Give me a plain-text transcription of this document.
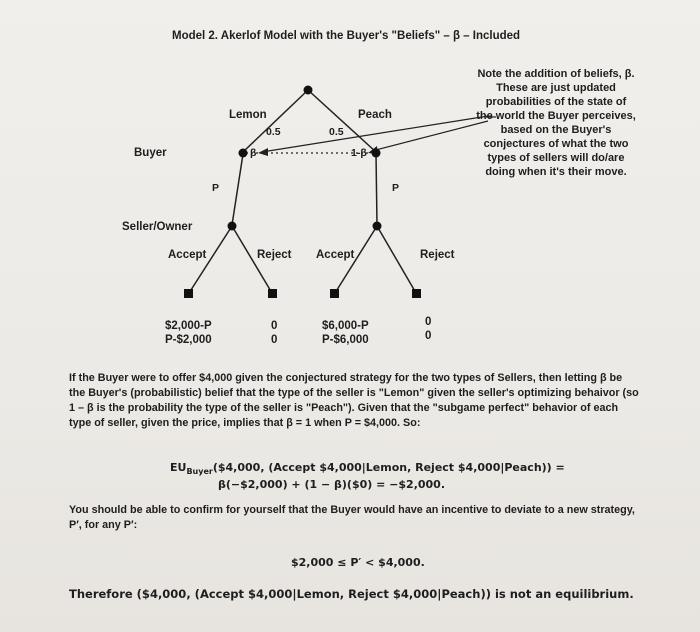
Model 2. Akerlof Model with the Buyer's "Beliefs" – β – Included
Note the addition of beliefs, β. These are just updated probabilities of the state of the world the Buyer perceives, based on the Buyer's conjectures of what the two types of sellers will do/are doing when it's their move.
Lemon	Peach
0.5	0.5
Buyer	β	1-β
P	P
Seller/Owner
Accept	Reject Accept	Reject
$2,000-P
P-$2,000
0
0
$6,000-P
P-$6,000
0
0
If the Buyer were to offer $4,000 given the conjectured strategy for the two types of Sellers, then letting β be the Buyer's (probabilistic) belief that the type of the seller is "Lemon" given the seller's optimizing behaivor (so 1 – β is the probability the type of the seller is "Peach"). Given that the "subgame perfect" behavior of each type of seller, given the price, implies that β = 1 when P = $4,000. So:
$EU_{Buyer}(\$4,000$, (Accept $4,000|Lemon, Reject $4,000|Peach)) =
β(−$2,000) + (1 − β)($0) = −$2,000.
You should be able to confirm for yourself that the Buyer would have an incentive to deviate to a new strategy, P′, for any P′:
$2,000 ≤ P′ < $4,000.
Therefore ($4,000, (Accept $4,000|Lemon, Reject $4,000|Peach)) is not an equilibrium.
